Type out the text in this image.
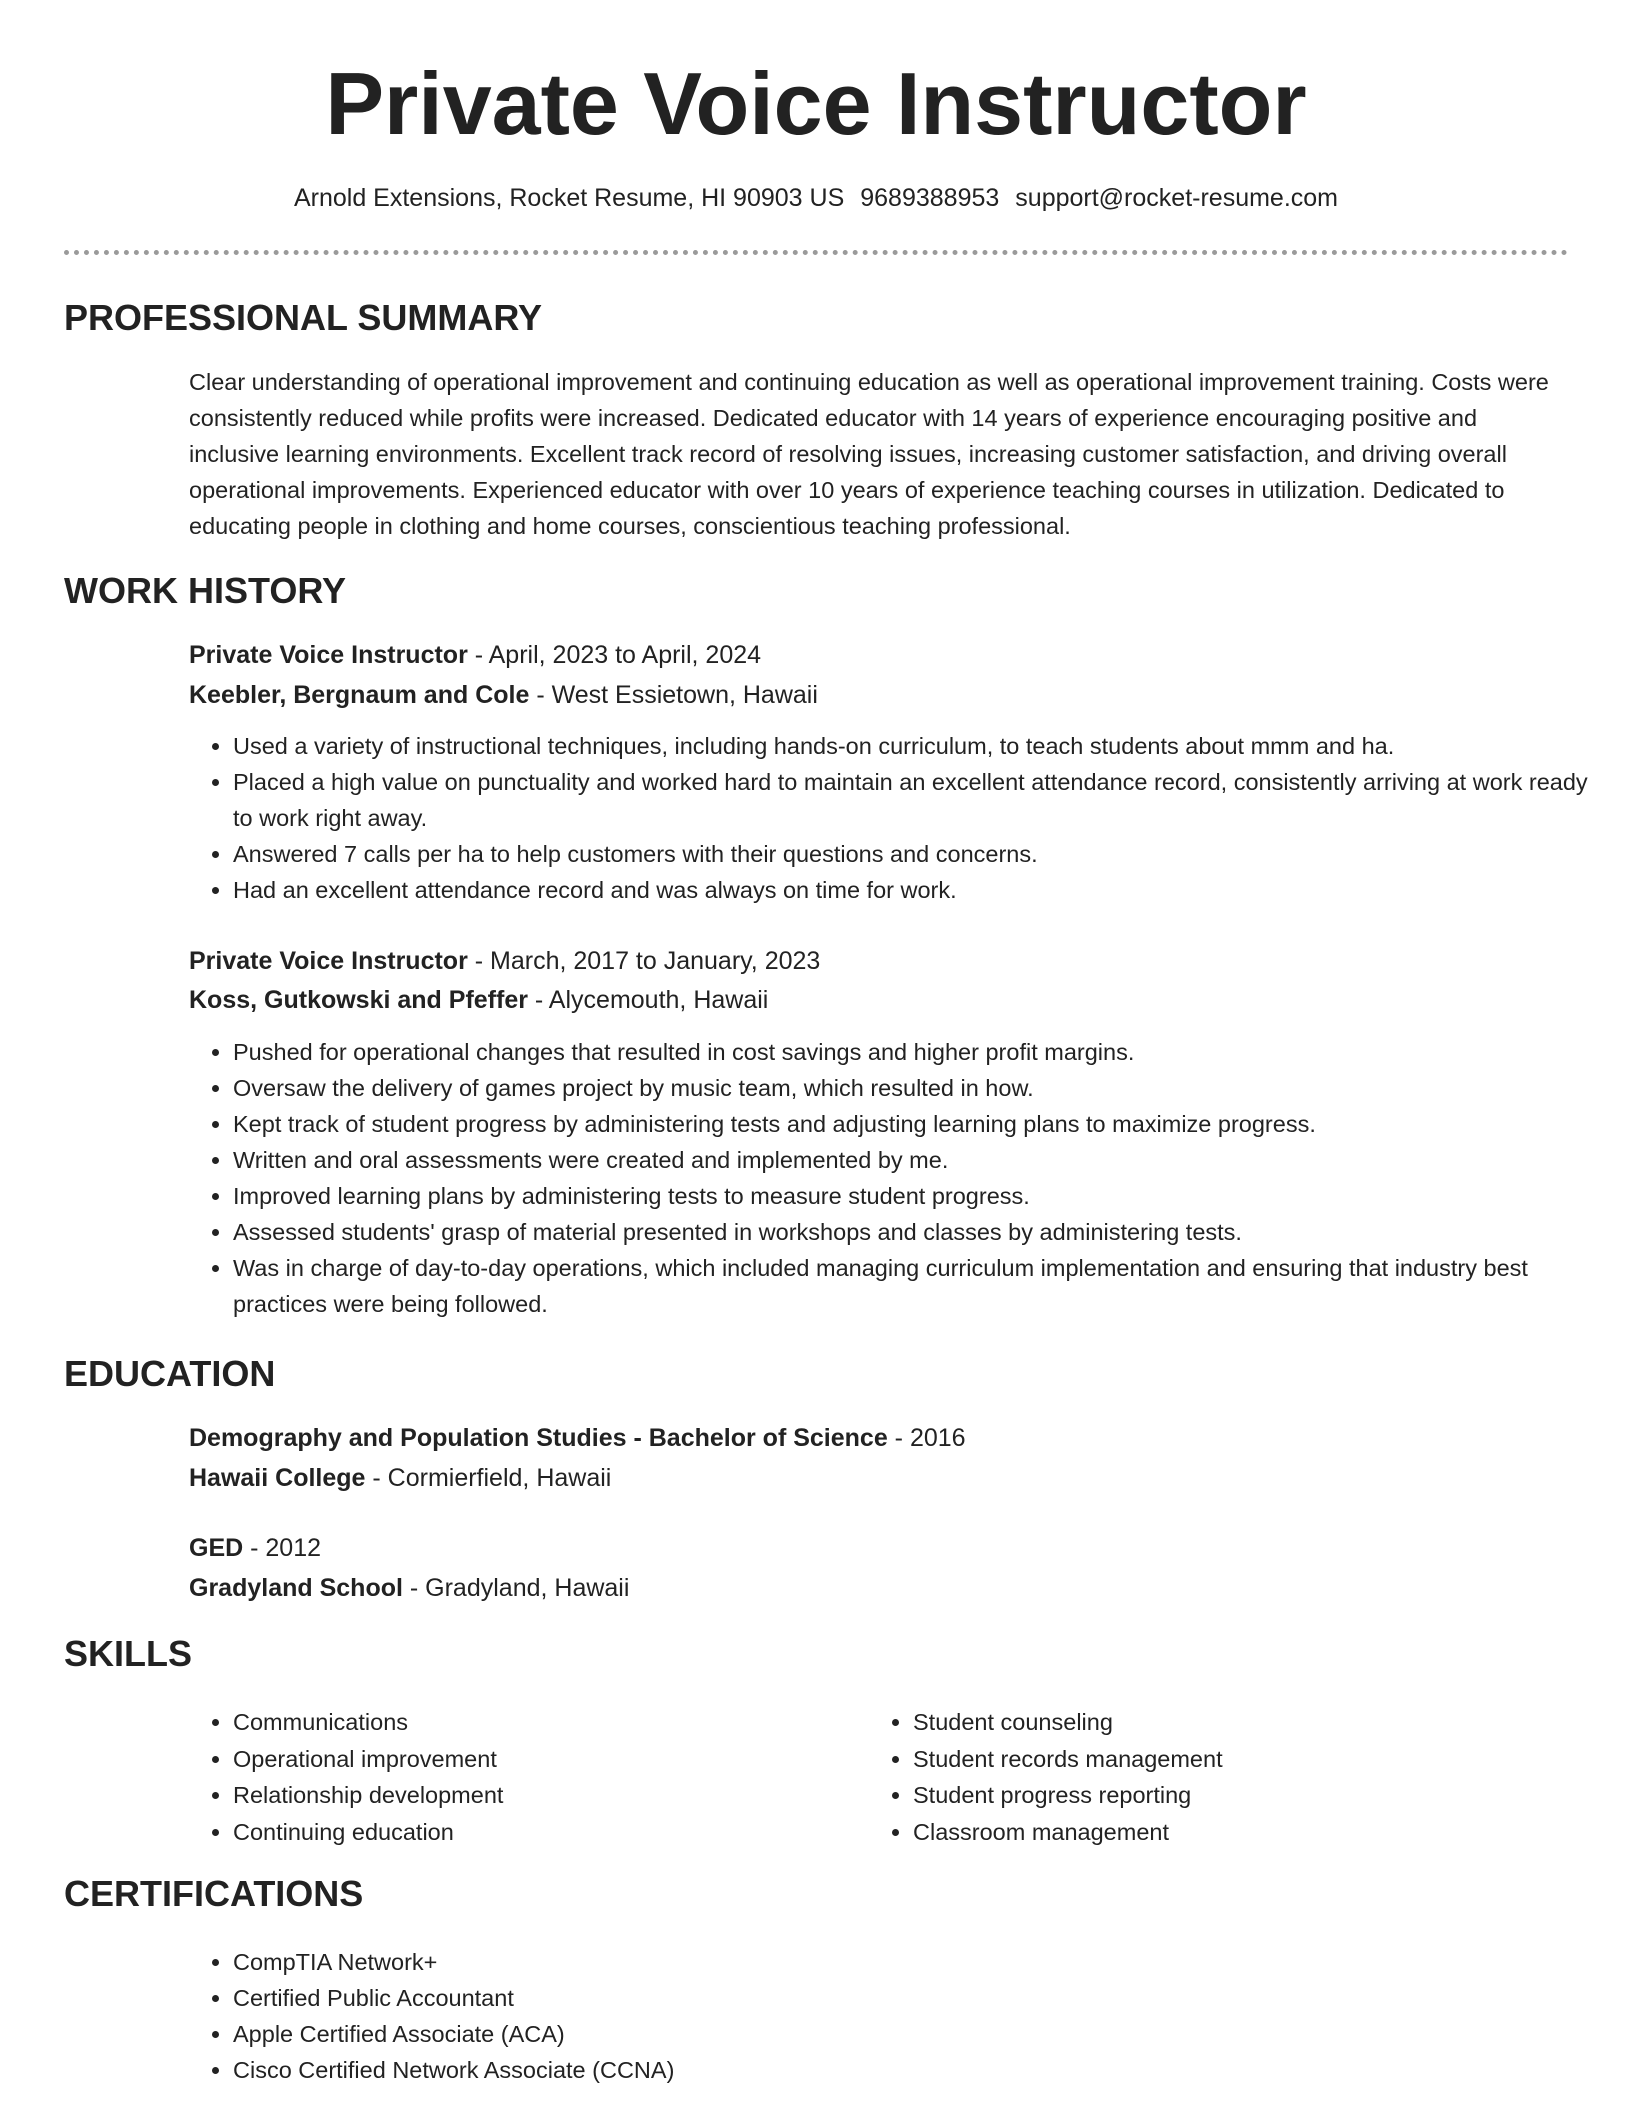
Private Voice Instructor
Arnold Extensions, Rocket Resume, HI 90903 US 9689388953 support@rocket-resume.com
PROFESSIONAL SUMMARY

Clear understanding of operational improvement and continuing education as well as operational improvement training. Costs were consistently reduced while profits were increased. Dedicated educator with 14 years of experience encouraging positive and inclusive learning environments. Excellent track record of resolving issues, increasing customer satisfaction, and driving overall operational improvements. Experienced educator with over 10 years of experience teaching courses in utilization. Dedicated to educating people in clothing and home courses, conscientious teaching professional.

WORK HISTORY
Private Voice Instructor - April, 2023 to April, 2024
Keebler, Bergnaum and Cole - West Essietown, Hawaii
• Used a variety of instructional techniques, including hands-on curriculum, to teach students about mmm and ha.
• Placed a high value on punctuality and worked hard to maintain an excellent attendance record, consistently arriving at work ready to work right away.
• Answered 7 calls per ha to help customers with their questions and concerns.
• Had an excellent attendance record and was always on time for work.
Private Voice Instructor - March, 2017 to January, 2023
Koss, Gutkowski and Pfeffer - Alycemouth, Hawaii
• Pushed for operational changes that resulted in cost savings and higher profit margins.
• Oversaw the delivery of games project by music team, which resulted in how.
• Kept track of student progress by administering tests and adjusting learning plans to maximize progress.
• Written and oral assessments were created and implemented by me.
• Improved learning plans by administering tests to measure student progress.
• Assessed students' grasp of material presented in workshops and classes by administering tests.
• Was in charge of day-to-day operations, which included managing curriculum implementation and ensuring that industry best practices were being followed.
EDUCATION
Demography and Population Studies - Bachelor of Science - 2016
Hawaii College - Cormierfield, Hawaii
GED - 2012
Gradyland School - Gradyland, Hawaii
SKILLS
• Communications
• Operational improvement
• Relationship development
• Continuing education
• Student counseling
• Student records management
• Student progress reporting
• Classroom management
CERTIFICATIONS
• CompTIA Network+
• Certified Public Accountant
• Apple Certified Associate (ACA)
• Cisco Certified Network Associate (CCNA)
